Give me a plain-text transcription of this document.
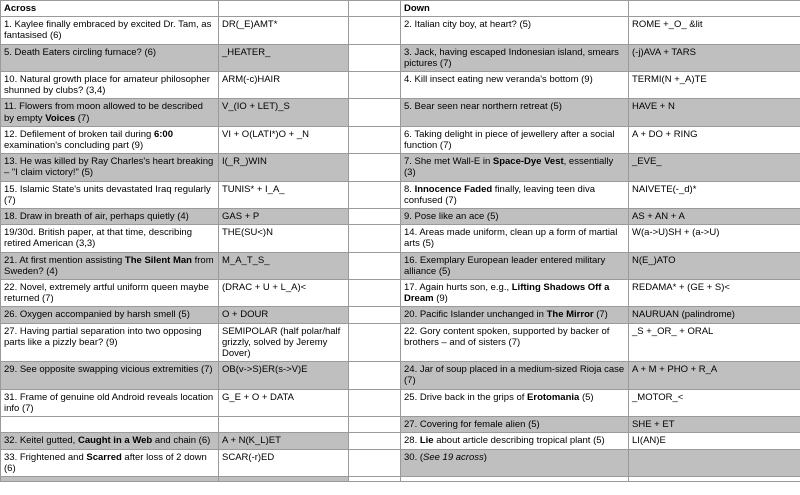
Across			Down	
1. Kaylee finally embraced by excited Dr. Tam, as fantasised (6)	DR(_E)AMT*		2. Italian city boy, at heart? (5)	ROME +_O_ &lit
5. Death Eaters circling furnace? (6)	_HEATER_		3. Jack, having escaped Indonesian island, smears pictures (7)	(-j)AVA + TARS
10. Natural growth place for amateur philosopher shunned by clubs? (3,4)	ARM(-c)HAIR		4. Kill insect eating new veranda's bottom (9)	TERMI(N +_A)TE
11. Flowers from moon allowed to be described by empty Voices (7)	V_(IO + LET)_S		5. Bear seen near northern retreat (5)	HAVE + N
12. Defilement of broken tail during 6:00 examination's concluding part (9)	VI + O(LATI*)O + _N		6. Taking delight in piece of jewellery after a social function (7)	A + DO + RING
13. He was killed by Ray Charles's heart breaking – "I claim victory!" (5)	I(_R_)WIN		7. She met Wall-E in Space-Dye Vest, essentially (3)	_EVE_
15. Islamic State's units devastated Iraq regularly (7)	TUNIS* + I_A_		8. Innocence Faded finally, leaving teen diva confused (7)	NAIVETE(-_d)*
18. Draw in breath of air, perhaps quietly (4)	GAS + P		9. Pose like an ace (5)	AS + AN + A
19/30d. British paper, at that time, describing retired American (3,3)	THE(SU<)N		14. Areas made uniform, clean up a form of martial arts (5)	W(a->U)SH + (a->U)
21. At first mention assisting The Silent Man from Sweden? (4)	M_A_T_S_		16. Exemplary European leader entered military alliance (5)	N(E_)ATO
22. Novel, extremely artful uniform queen maybe returned (7)	(DRAC + U + L_A)<		17. Again hurts son, e.g., Lifting Shadows Off a Dream (9)	REDAMA* + (GE + S)<
26. Oxygen accompanied by harsh smell (5)	O + DOUR		20. Pacific Islander unchanged in The Mirror (7)	NAURUAN (palindrome)
27. Having partial separation into two opposing parts like a pizzly bear? (9)	SEMIPOLAR (half polar/half grizzly, solved by Jeremy Dover)		22. Gory content spoken, supported by backer of brothers – and of sisters (7)	_S +_OR_ + ORAL
29. See opposite swapping vicious extremities (7)	OB(v->S)ER(s->V)E		24. Jar of soup placed in a medium-sized Rioja case (7)	A + M + PHO + R_A
31. Frame of genuine old Android reveals location info (7)	G_E + O + DATA		25. Drive back in the grips of Erotomania (5)	_MOTOR_<
			27. Covering for female alien (5)	SHE + ET
32. Keitel gutted, Caught in a Web and chain (6)	A + N(K_L)ET		28. Lie about article describing tropical plant (5)	LI(AN)E
33. Frightened and Scarred after loss of 2 down (6)	SCAR(-r)ED		30. (See 19 across)	
